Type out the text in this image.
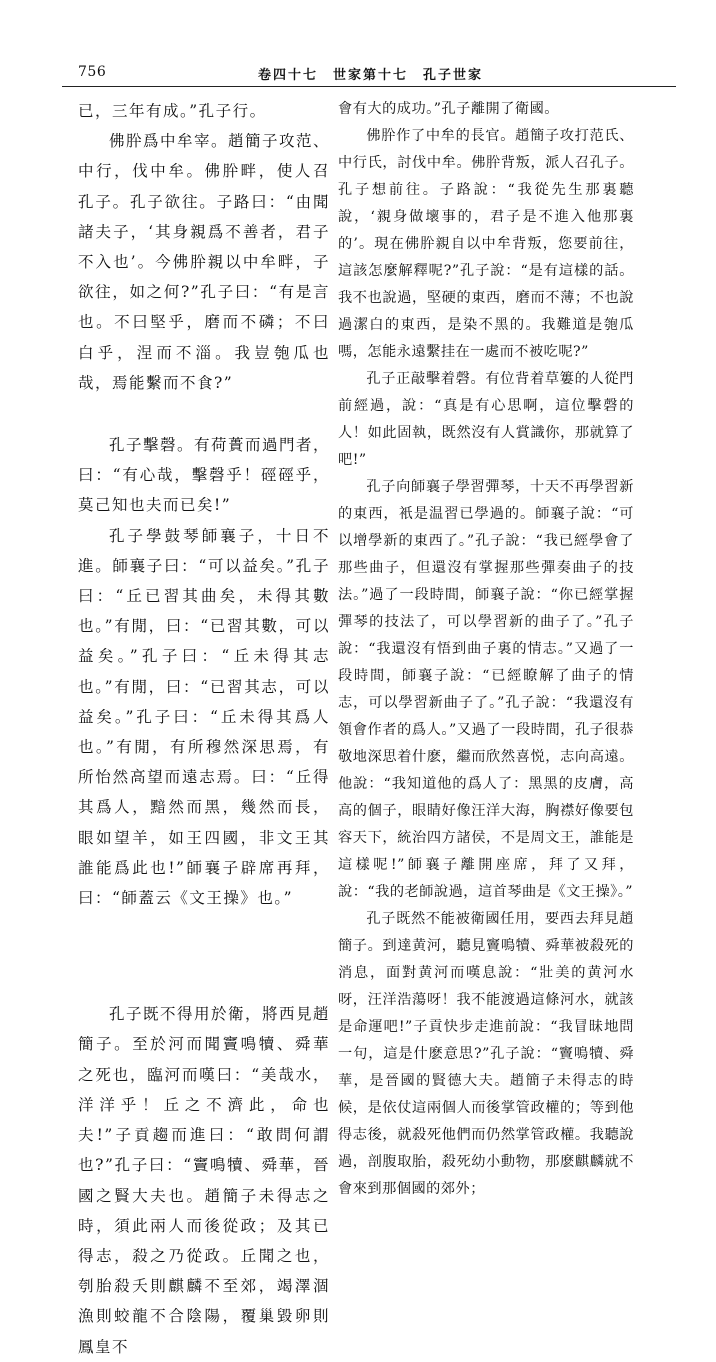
756	卷四十七　世家第十七　孔子世家

已，三年有成。”孔子行。

佛肸爲中牟宰。趙簡子攻范、中行，伐中牟。佛肸畔，使人召孔子。孔子欲往。子路曰：“由聞諸夫子，‘其身親爲不善者，君子不入也’。今佛肸親以中牟畔，子欲往，如之何?”孔子曰：“有是言也。不曰堅乎，磨而不磷；不曰白乎，涅而不淄。我豈匏瓜也哉，焉能繫而不食?”

孔子擊磬。有荷蕢而過門者，曰：“有心哉，擊磬乎！硜硜乎，莫己知也夫而已矣!”

孔子學鼓琴師襄子，十日不進。師襄子曰：“可以益矣。”孔子曰：“丘已習其曲矣，未得其數也。”有閒，曰：“已習其數，可以益矣。”孔子曰：“丘未得其志也。”有閒，曰：“已習其志，可以益矣。”孔子曰：“丘未得其爲人也。”有閒，有所穆然深思焉，有所怡然高望而遠志焉。曰：“丘得其爲人，黯然而黑，幾然而長，眼如望羊，如王四國，非文王其誰能爲此也!”師襄子辟席再拜，曰：“師蓋云《文王操》也。”

孔子既不得用於衛，將西見趙簡子。至於河而聞竇鳴犢、舜華之死也，臨河而嘆曰：“美哉水，洋洋乎！丘之不濟此，命也夫!”子貢趨而進曰：“敢問何謂也?”孔子曰：“竇鳴犢、舜華，晉國之賢大夫也。趙簡子未得志之時，須此兩人而後從政；及其已得志，殺之乃從政。丘聞之也，刳胎殺夭則麒麟不至郊，竭澤涸漁則蛟龍不合陰陽，覆巢毀卵則鳳皇不

會有大的成功。”孔子離開了衛國。

佛肸作了中牟的長官。趙簡子攻打范氏、中行氏，討伐中牟。佛肸背叛，派人召孔子。孔子想前往。子路說：“我從先生那裏聽說，‘親身做壞事的，君子是不進入他那裏的’。現在佛肸親自以中牟背叛，您要前往，這該怎麼解釋呢?”孔子說：“是有這樣的話。我不也說過，堅硬的東西，磨而不薄；不也說過潔白的東西，是染不黑的。我難道是匏瓜嗎，怎能永遠繫挂在一處而不被吃呢?”

孔子正敲擊着磬。有位背着草簍的人從門前經過，說：“真是有心思啊，這位擊磬的人！如此固執，既然沒有人賞識你，那就算了吧!”

孔子向師襄子學習彈琴，十天不再學習新的東西，衹是温習已學過的。師襄子說：“可以增學新的東西了。”孔子說：“我已經學會了那些曲子，但還沒有掌握那些彈奏曲子的技法。”過了一段時間，師襄子說：“你已經掌握彈琴的技法了，可以學習新的曲子了。”孔子說：“我還沒有悟到曲子裏的情志。”又過了一段時間，師襄子說：“已經瞭解了曲子的情志，可以學習新曲子了。”孔子說：“我還沒有領會作者的爲人。”又過了一段時間，孔子很恭敬地深思着什麽，繼而欣然喜悦，志向高遠。他說：“我知道他的爲人了：黑黑的皮膚，高高的個子，眼睛好像汪洋大海，胸襟好像要包容天下，統治四方諸侯，不是周文王，誰能是這樣呢!”師襄子離開座席，拜了又拜，說：“我的老師說過，這首琴曲是《文王操》。”

孔子既然不能被衛國任用，要西去拜見趙簡子。到達黄河，聽見竇鳴犢、舜華被殺死的消息，面對黄河而嘆息說：“壯美的黄河水呀，汪洋浩蕩呀！我不能渡過這條河水，就該是命運吧!”子貢快步走進前說：“我冒昧地問一句，這是什麽意思?”孔子說：“竇鳴犢、舜華，是晉國的賢德大夫。趙簡子未得志的時候，是依仗這兩個人而後掌管政權的；等到他得志後，就殺死他們而仍然掌管政權。我聽說過，剖腹取胎，殺死幼小動物，那麽麒麟就不會來到那個國的郊外；
